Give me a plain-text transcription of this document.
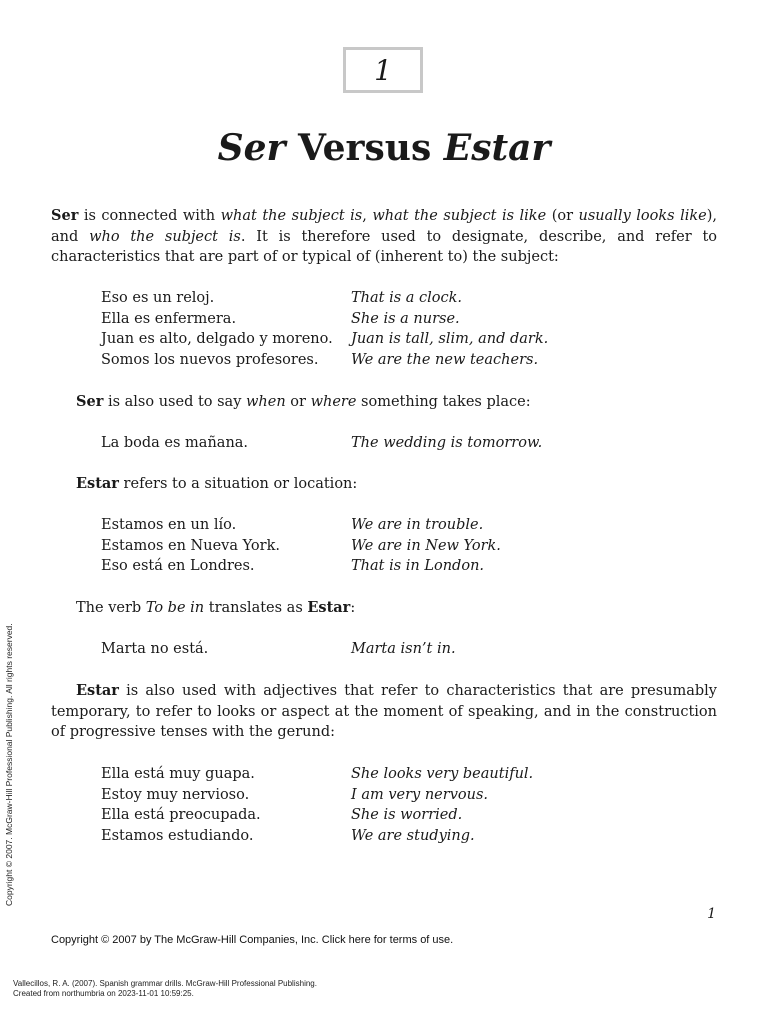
1
Ser Versus Estar

Ser is connected with what the subject is, what the subject is like (or usually looks like), and who the subject is. It is therefore used to designate, describe, and refer to characteristics that are part of or typical of (inherent to) the subject:

Eso es un reloj.	That is a clock.
Ella es enfermera.	She is a nurse.
Juan es alto, delgado y moreno.	Juan is tall, slim, and dark.
Somos los nuevos profesores.	We are the new teachers.

Ser is also used to say when or where something takes place:

La boda es mañana.	The wedding is tomorrow.

Estar refers to a situation or location:

Estamos en un lío.	We are in trouble.
Estamos en Nueva York.	We are in New York.
Eso está en Londres.	That is in London.

The verb To be in translates as Estar:

Marta no está.	Marta isn’t in.

Estar is also used with adjectives that refer to characteristics that are presumably temporary, to refer to looks or aspect at the moment of speaking, and in the construction of progressive tenses with the gerund:

Ella está muy guapa.	She looks very beautiful.
Estoy muy nervioso.	I am very nervous.
Ella está preocupada.	She is worried.
Estamos estudiando.	We are studying.
1
Copyright © 2007 by The McGraw-Hill Companies, Inc. Click here for terms of use.
Copyright © 2007. McGraw-Hill Professional Publishing. All rights reserved.
Vallecillos, R. A. (2007). Spanish grammar drills. McGraw-Hill Professional Publishing.
Created from northumbria on 2023-11-01 10:59:25.
